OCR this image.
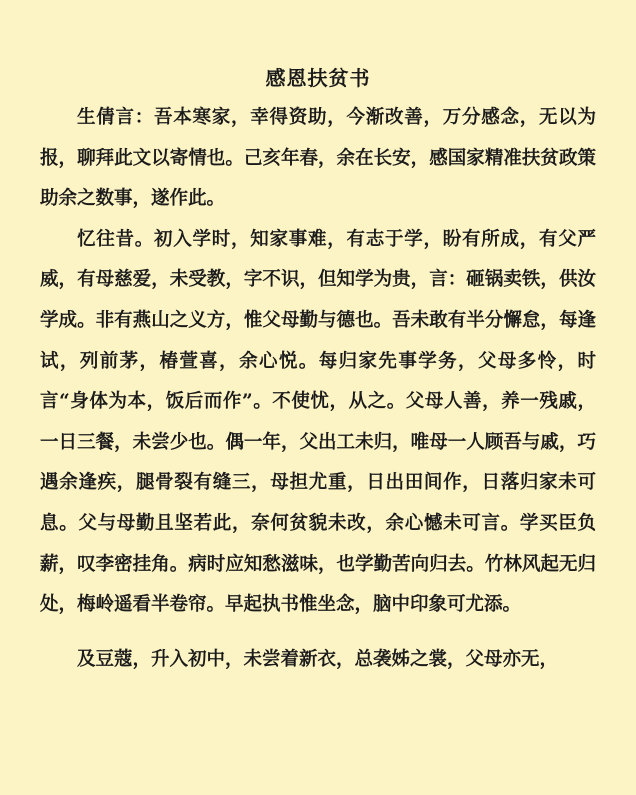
感恩扶贫书

生倩言：吾本寒家，幸得资助，今渐改善，万分感念，无以为报，聊拜此文以寄情也。己亥年春，余在长安，感国家精准扶贫政策助余之数事，遂作此。

忆往昔。初入学时，知家事难，有志于学，盼有所成，有父严威，有母慈爱，未受教，字不识，但知学为贵，言：砸锅卖铁，供汝学成。非有燕山之义方，惟父母勤与德也。吾未敢有半分懈怠，每逢试，列前茅，椿萱喜，余心悦。每归家先事学务，父母多怜，时言“身体为本，饭后而作”。不使忧，从之。父母人善，养一残戚，一日三餐，未尝少也。偶一年，父出工未归，唯母一人顾吾与戚，巧遇余逢疾，腿骨裂有缝三，母担尤重，日出田间作，日落归家未可息。父与母勤且坚若此，奈何贫貌未改，余心憾未可言。学买臣负薪，叹李密挂角。病时应知愁滋味，也学勤苦向归去。竹林风起无归处，梅岭遥看半卷帘。早起执书惟坐念，脑中印象可尤添。

及豆蔻，升入初中，未尝着新衣，总袭姊之裳，父母亦无，
